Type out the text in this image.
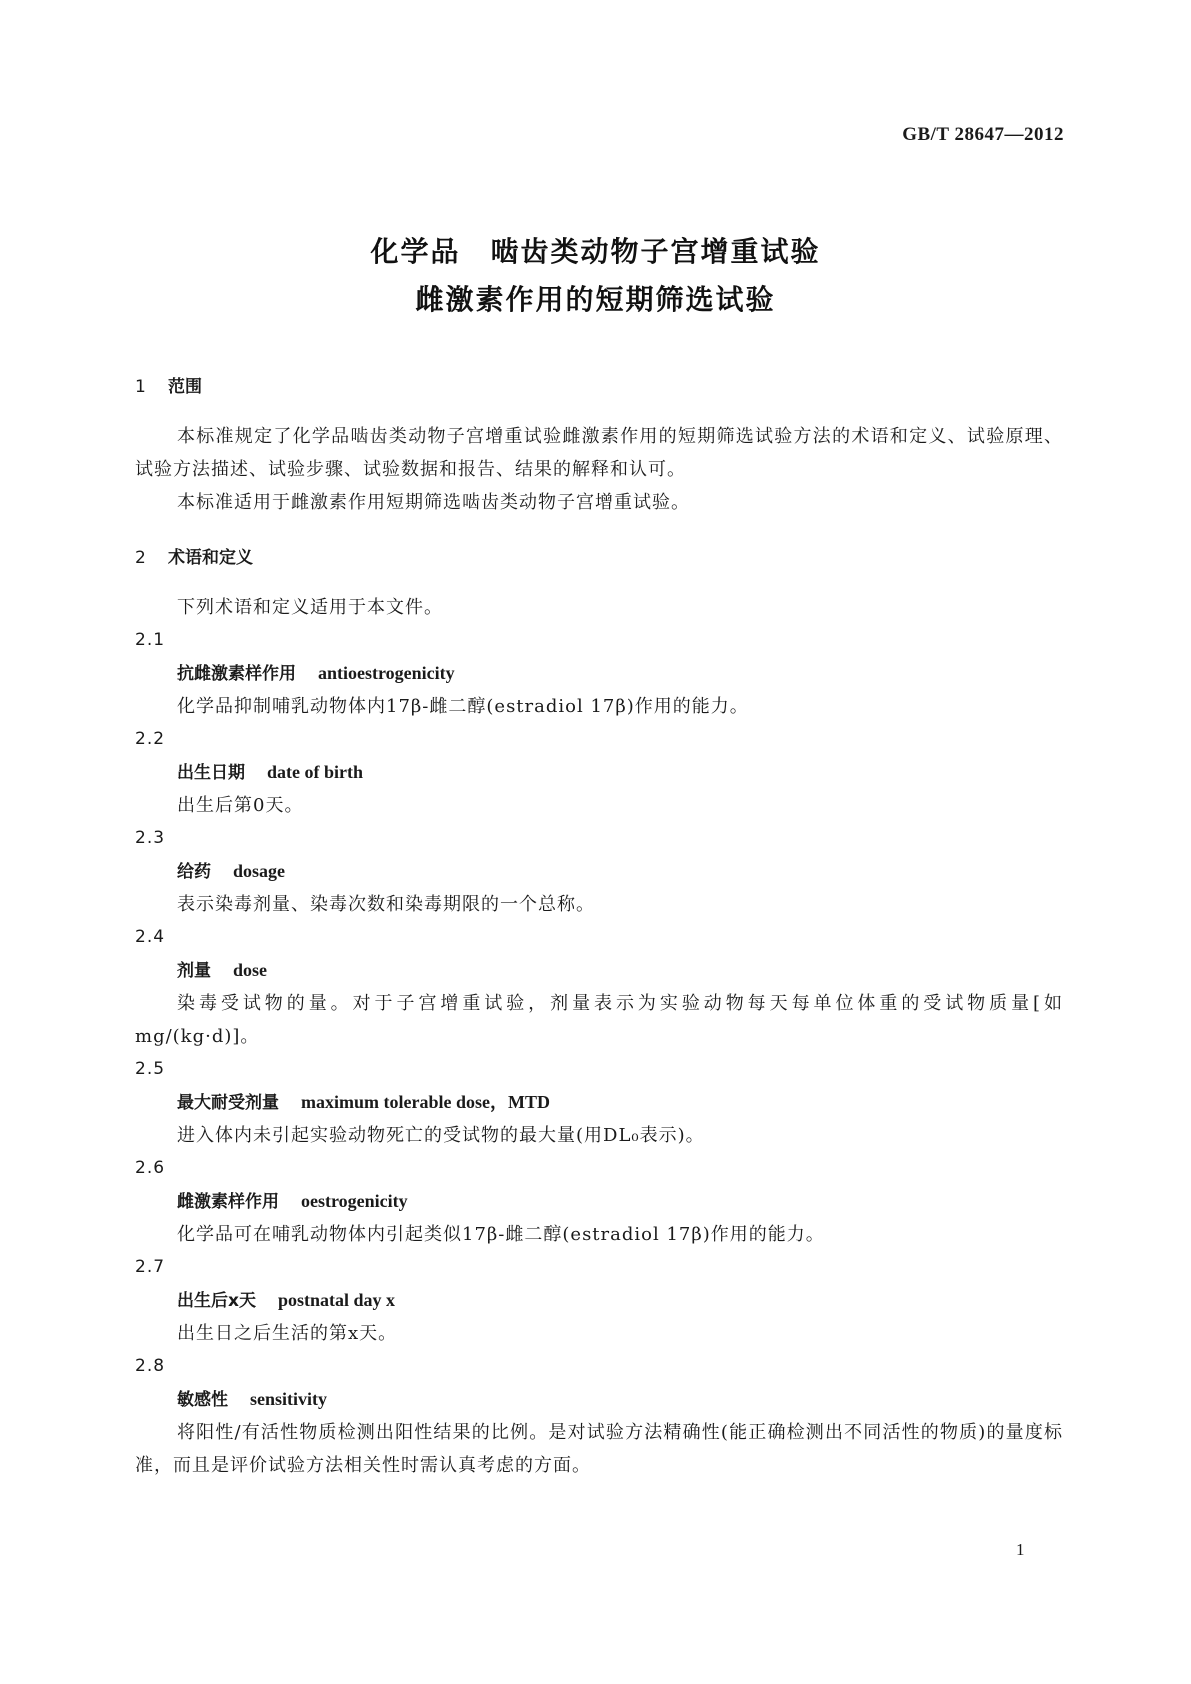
GB/T 28647—2012
化学品　啮齿类动物子宫增重试验
雌激素作用的短期筛选试验
1	范围

本标准规定了化学品啮齿类动物子宫增重试验雌激素作用的短期筛选试验方法的术语和定义、试验原理、试验方法描述、试验步骤、试验数据和报告、结果的解释和认可。

本标准适用于雌激素作用短期筛选啮齿类动物子宫增重试验。

2	术语和定义

下列术语和定义适用于本文件。

2.1
抗雌激素样作用 antioestrogenicity
化学品抑制哺乳动物体内17β-雌二醇(estradiol 17β)作用的能力。
2.2
出生日期 date of birth
出生后第0天。
2.3
给药 dosage
表示染毒剂量、染毒次数和染毒期限的一个总称。
2.4
剂量 dose
染毒受试物的量。对于子宫增重试验，剂量表示为实验动物每天每单位体重的受试物质量[如mg/(kg·d)]。
2.5
最大耐受剂量 maximum tolerable dose，MTD
进入体内未引起实验动物死亡的受试物的最大量(用DL₀表示)。
2.6
雌激素样作用 oestrogenicity
化学品可在哺乳动物体内引起类似17β-雌二醇(estradiol 17β)作用的能力。
2.7
出生后x天 postnatal day x
出生日之后生活的第x天。
2.8
敏感性 sensitivity
将阳性/有活性物质检测出阳性结果的比例。是对试验方法精确性(能正确检测出不同活性的物质)的量度标准，而且是评价试验方法相关性时需认真考虑的方面。
1
